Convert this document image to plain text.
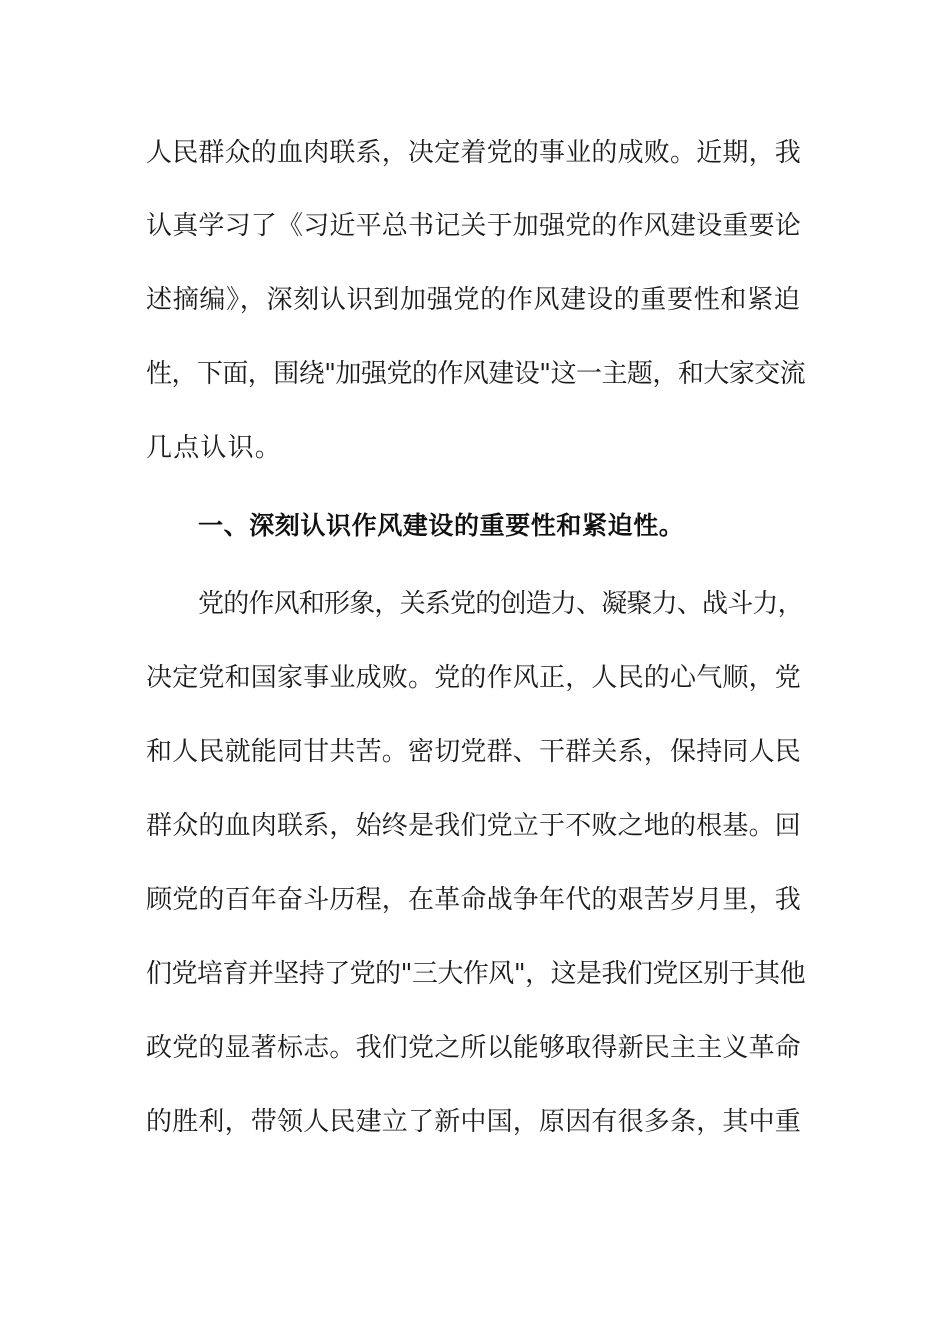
人民群众的血肉联系，决定着党的事业的成败。近期，我
认真学习了《习近平总书记关于加强党的作风建设重要论
述摘编》，深刻认识到加强党的作风建设的重要性和紧迫
性，下面，围绕"加强党的作风建设"这一主题，和大家交流
几点认识。
一、深刻认识作风建设的重要性和紧迫性。
党的作风和形象，关系党的创造力、凝聚力、战斗力，
决定党和国家事业成败。党的作风正，人民的心气顺，党
和人民就能同甘共苦。密切党群、干群关系，保持同人民
群众的血肉联系，始终是我们党立于不败之地的根基。回
顾党的百年奋斗历程，在革命战争年代的艰苦岁月里，我
们党培育并坚持了党的"三大作风"，这是我们党区别于其他
政党的显著标志。我们党之所以能够取得新民主主义革命
的胜利，带领人民建立了新中国，原因有很多条，其中重
